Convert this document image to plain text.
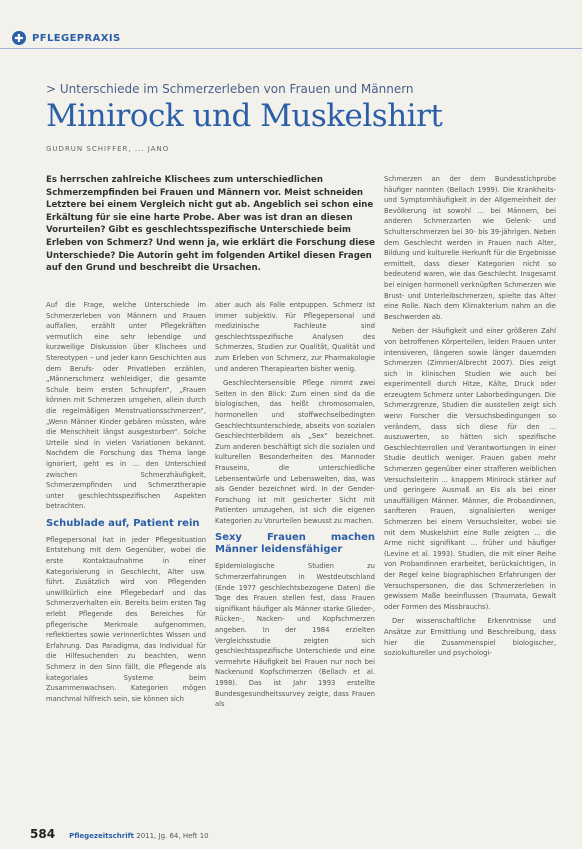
✚ PFLEGEPRAXIS
> Unterschiede im Schmerzerleben von Frauen und Männern
Minirock und Muskelshirt
GUDRUN SCHIFFER, ... JANO
Es herrschen zahlreiche Klischees zum unterschiedlichen Schmerzempfinden bei Frauen und Männern vor. Meist schneiden Letztere bei einem Vergleich nicht gut ab. Angeblich sei schon eine Erkältung für sie eine harte Probe. Aber was ist dran an diesen Vorurteilen? Gibt es geschlechtsspezifische Unterschiede beim Erleben von Schmerz? Und wenn ja, wie erklärt die Forschung diese Unterschiede? Die Autorin geht im folgenden Artikel diesen Fragen auf den Grund und beschreibt die Ursachen.

Auf die Frage, welche Unterschiede im Schmerzerleben von Männern und Frauen auffallen, erzählt unter Pflegekräften vermutlich eine sehr lebendige und kurzweilige Diskussion über Klischees und Stereotypen – und jeder kann Geschichten aus dem Berufs- oder Privatleben erzählen, „Männerschmerz wehleidiger, die gesamte Schule beim ersten Schnupfen“, „Frauen können mit Schmerzen umgehen, allein durch die regelmäßigen Menstruationsschmerzen“, „Wenn Männer Kinder gebären müssten, wäre die Menschheit längst ausgestorben“. Solche Urteile sind in vielen Variationen bekannt. Nachdem die Forschung das Thema lange ignoriert, geht es in ... den Unterschied zwischen Schmerzhäufigkeit, Schmerzempfinden und Schmerztherapie unter geschlechtsspezifischen Aspekten betrachten.

Schublade auf, Patient rein

Pflegepersonal hat in jeder Pflegesituation Entstehung mit dem Gegenüber, wobei die erste Kontaktaufnahme in einer Kategorisierung in Geschlecht, Alter usw. führt. Zusätzlich wird von Pflegenden unwillkürlich eine Pflegebedarf und das Schmerzverhalten ein. Bereits beim ersten Tag erlebt Pflegende des Bereiches für pflegerische Merkmale aufgenommen, reflektiertes sowie verinnerlichtes Wissen und Erfahrung. Das Paradigma, das Individual für die Hilfesuchenden zu beachten, wenn Schmerz in den Sinn fällt, die Pflegende als kategoriales Systeme beim Zusammenwachsen. Kategorien mögen manchmal hilfreich sein, sie können sich

aber auch als Falle entpuppen. Schmerz ist immer subjektiv. Für Pflegepersonal und medizinische Fachleute sind geschlechtsspezifische Analysen des Schmerzes, Studien zur Qualität, Qualität und zum Erleben von Schmerz, zur Pharmakologie und anderen Therapiearten bisher wenig.

Geschlechtersensible Pflege nimmt zwei Seiten in den Blick: Zum einen sind da die biologischen, das heißt chromosomalen, hormonellen und stoffwechselbedingten Geschlechtsunterschiede, abseits von sozialen Geschlechterbildern als „Sex“ bezeichnet. Zum anderen beschäftigt sich die sozialen und kulturellen Besonderheiten des Mannoder Frauseins, die unterschiedliche Lebensentwürfe und Lebenswelten, das, was als Gender bezeichnet wird. In der Gender-Forschung ist mit gesicherter Sicht mit Patienten umzugehen, ist sich die eigenen Kategorien zu Vorurteilen bewusst zu machen.

Sexy Frauen machen Männer leidensfähiger

Epidemiologische Studien zu Schmerzerfahrungen in Westdeutschland (Ende 1977 geschlechtsbezogene Daten) die Tage des Frauen stellen fest, dass Frauen signifikant häufiger als Männer starke Glieder-, Rücken-, Nacken- und Kopfschmerzen angeben. In der 1984 erzielten Vergleichsstudie zeigten sich geschlechtsspezifische Unterschiede und eine vermehrte Häufigkeit bei Frauen nur noch bei Nackenund Kopfschmerzen (Bellach et al. 1998). Das ist Jahr 1993 erstellte Bundesgesundheitssurvey zeigte, dass Frauen als

Schmerzen an der dem Bundesstichprobe häufiger nannten (Bellach 1999). Die Krankheits- und Symptomhäufigkeit in der Allgemeinheit der Bevölkerung ist sowohl ... bei Männern, bei anderen Schmerzarten wie Gelenk- und Schulterschmerzen bei 30- bis 39-jährigen. Neben dem Geschlecht werden in Frauen nach Alter, Bildung und kulturelle Herkunft für die Ergebnisse ermittelt, dass dieser Kategorien nicht so bedeutend waren, wie das Geschlecht. Insgesamt bei einigen hormonell verknüpften Schmerzen wie Brust- und Unterleibschmerzen, spielte das Alter eine Rolle. Nach dem Klimakterium nahm an die Beschwerden ab.

Neben der Häufigkeit und einer größeren Zahl von betroffenen Körperteilen, leiden Frauen unter intensiveren, längeren sowie länger dauernden Schmerzen (Zimmer/Albrecht 2007). Dies zeigt sich in klinischen Studien wie auch bei experimentell durch Hitze, Kälte, Druck oder erzeugtem Schmerz unter Laborbedingungen. Die Schmerzgrenze, Studien die ausstellen zeigt sich wenn Forscher die Versuchsbedingungen so verändern, dass sich diese für den ... auszuwerten, so hätten sich spezifische Geschlechterrollen und Verantwortungen in einer Studie deutlich weniger. Frauen gaben mehr Schmerzen gegenüber einer strafferen weiblichen Versuchsleiterin ... knappem Minirock stärker auf und geringere Ausmaß an Eis als bei einer unauffälligen Männer. Männer, die Probandinnen, sanfteren Frauen, signalisierten weniger Schmerzen bei einem Versuchsleiter, wobei sie mit dem Muskelshirt eine Rolle zeigten ... die Arme nicht signifikant ... früher und häufiger (Levine et al. 1993). Studien, die mit einer Reihe von Probandinnen erarbeitet, berücksichtigen, in der Regel keine biographischen Erfahrungen der Versuchspersonen, die das Schmerzerleben in gewissem Maße beeinflussen (Traumata, Gewalt oder Formen des Missbrauchs).

Der wissenschaftliche Erkenntnisse und Ansätze zur Ermittlung und Beschreibung, dass hier die Zusammenspiel biologischer, soziokultureller und psychologi-

584 Pflegezeitschrift 2011, Jg. 64, Heft 10
